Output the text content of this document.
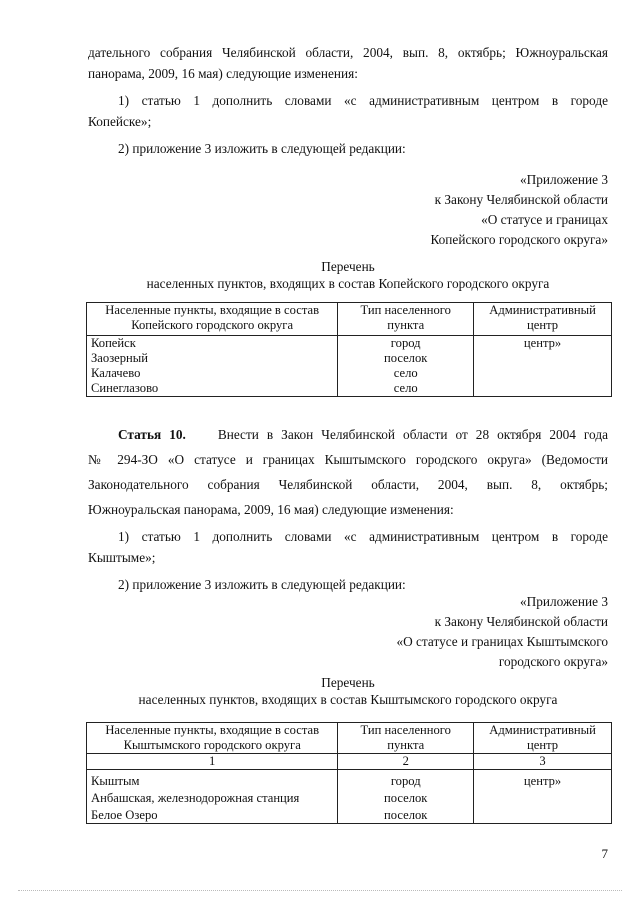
дательного собрания Челябинской области, 2004, вып. 8, октябрь; Южноуральская

панорама, 2009, 16 мая) следующие изменения:

1) статью 1 дополнить словами «с административным центром в городе

Копейске»;

2) приложение 3 изложить в следующей редакции:

«Приложение 3
к Закону Челябинской области
«О статусе и границах
Копейского городского округа»
Перечень
населенных пунктов, входящих в состав Копейского городского округа
Населенные пункты, входящие в состав Копейского городского округа	Тип населенного пункта	Административный центр
Копейск	город	центр»
Заозерный	поселок	
Калачево	село	
Синеглазово	село	

Статья 10. Внести в Закон Челябинской области от 28 октября 2004 года

№ 294-ЗО «О статусе и границах Кыштымского городского округа» (Ведомости

Законодательного собрания Челябинской области, 2004, вып. 8, октябрь;

Южноуральская панорама, 2009, 16 мая) следующие изменения:

1) статью 1 дополнить словами «с административным центром в городе

Кыштыме»;

2) приложение 3 изложить в следующей редакции:

«Приложение 3
к Закону Челябинской области
«О статусе и границах Кыштымского
городского округа»
Перечень
населенных пунктов, входящих в состав Кыштымского городского округа
Населенные пункты, входящие в состав Кыштымского городского округа	Тип населенного пункта	Административный центр
1	2	3
Кыштым	город	центр»
Анбашская, железнодорожная станция	поселок	
Белое Озеро	поселок	
7
